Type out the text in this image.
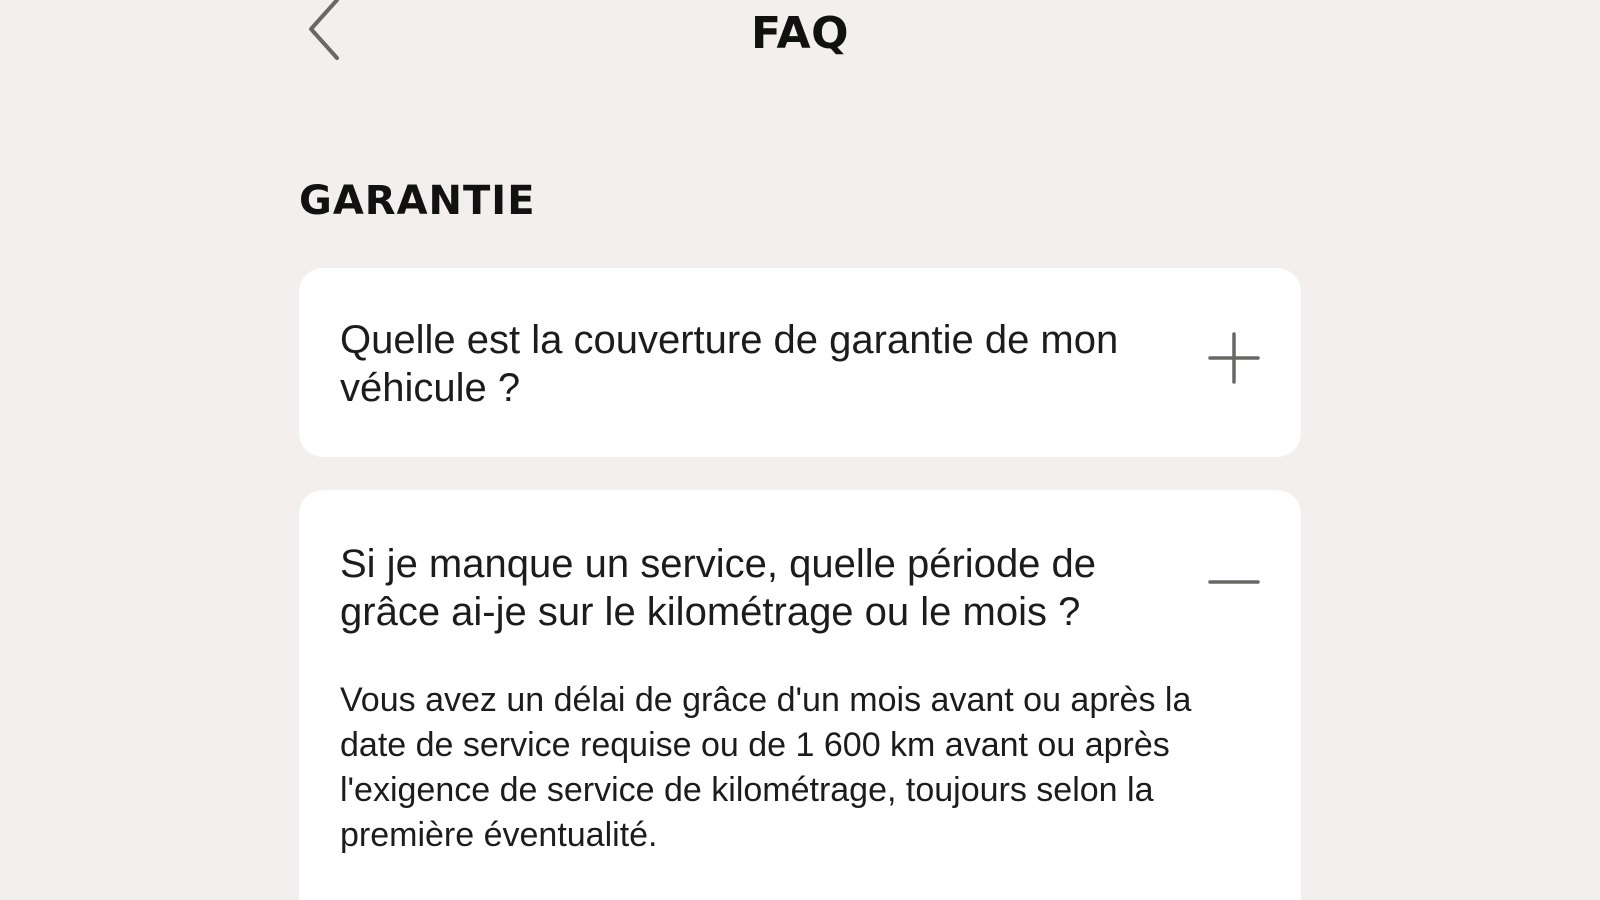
FAQ
GARANTIE

Quelle est la couverture de garantie de mon véhicule ?

Si je manque un service, quelle période de grâce ai-je sur le kilométrage ou le mois ?

Vous avez un délai de grâce d'un mois avant ou après la date de service requise ou de 1 600 km avant ou après l'exigence de service de kilométrage, toujours selon la première éventualité.
